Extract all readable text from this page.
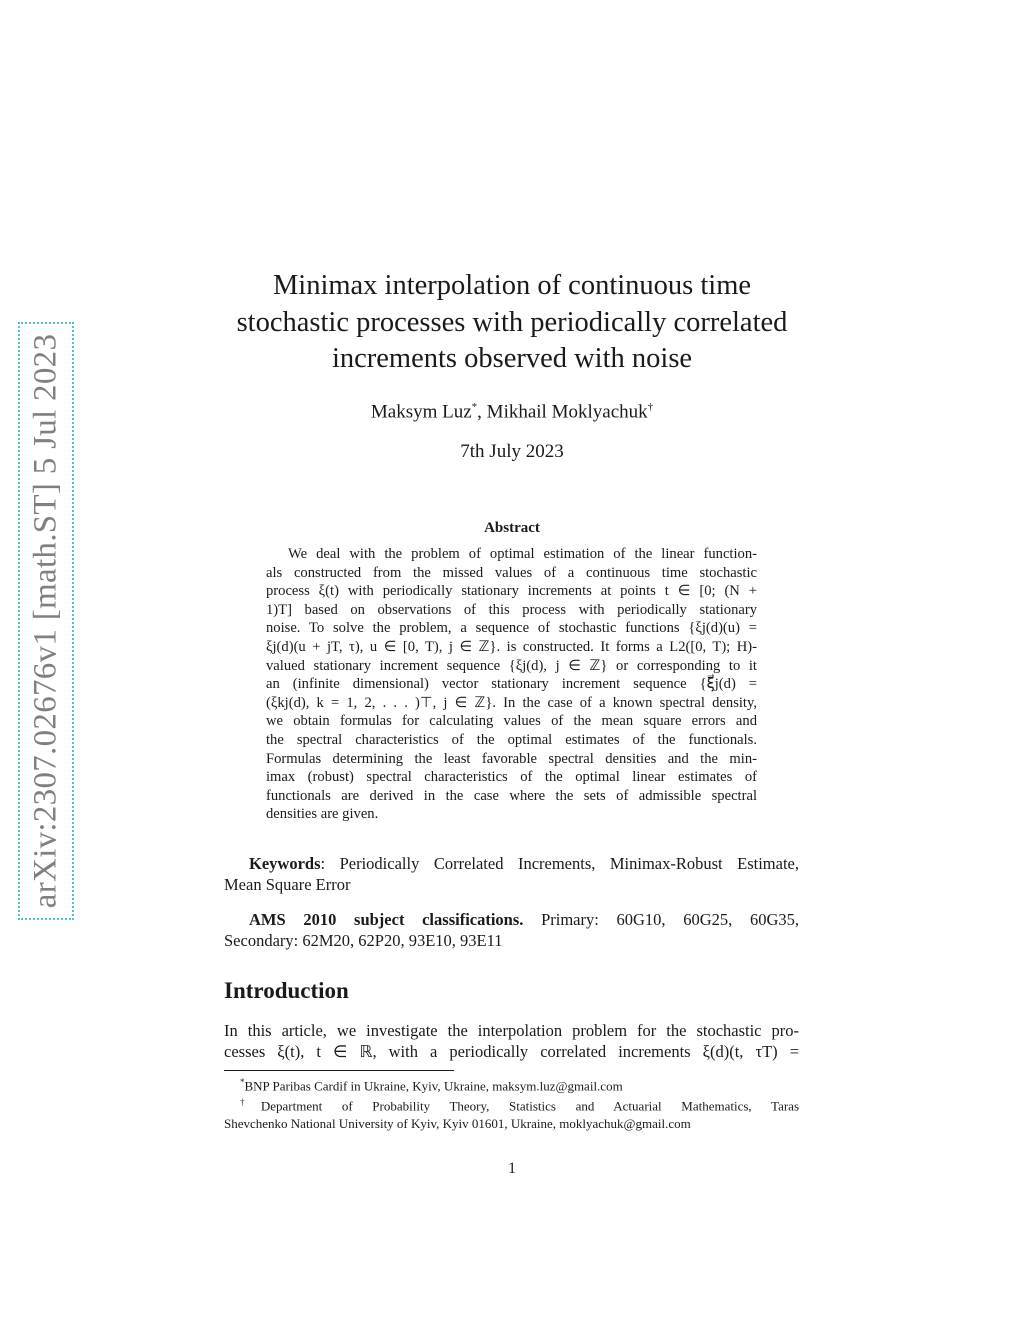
arXiv:2307.02676v1 [math.ST] 5 Jul 2023
Minimax interpolation of continuous time
stochastic processes with periodically correlated
increments observed with noise
Maksym Luz*, Mikhail Moklyachuk†
7th July 2023
Abstract
We deal with the problem of optimal estimation of the linear function-
als constructed from the missed values of a continuous time stochastic
process ξ(t) with periodically stationary increments at points t ∈ [0; (N +
1)T] based on observations of this process with periodically stationary
noise. To solve the problem, a sequence of stochastic functions {ξj(d)(u) =
ξj(d)(u + jT, τ), u ∈ [0, T), j ∈ ℤ}. is constructed. It forms a L2([0, T); H)-
valued stationary increment sequence {ξj(d), j ∈ ℤ} or corresponding to it
an (infinite dimensional) vector stationary increment sequence {ξ⃗j(d) =
(ξkj(d), k = 1, 2, . . . )⊤, j ∈ ℤ}. In the case of a known spectral density,
we obtain formulas for calculating values of the mean square errors and
the spectral characteristics of the optimal estimates of the functionals.
Formulas determining the least favorable spectral densities and the min-
imax (robust) spectral characteristics of the optimal linear estimates of
functionals are derived in the case where the sets of admissible spectral
densities are given.
Keywords: Periodically Correlated Increments, Minimax-Robust Estimate,
Mean Square Error
AMS 2010 subject classifications. Primary: 60G10, 60G25, 60G35,
Secondary: 62M20, 62P20, 93E10, 93E11
Introduction
In this article, we investigate the interpolation problem for the stochastic pro-
cesses ξ(t), t ∈ ℝ, with a periodically correlated increments ξ(d)(t, τT) =
*BNP Paribas Cardif in Ukraine, Kyiv, Ukraine, maksym.luz@gmail.com
†Department of Probability Theory, Statistics and Actuarial Mathematics, Taras
Shevchenko National University of Kyiv, Kyiv 01601, Ukraine, moklyachuk@gmail.com
1
